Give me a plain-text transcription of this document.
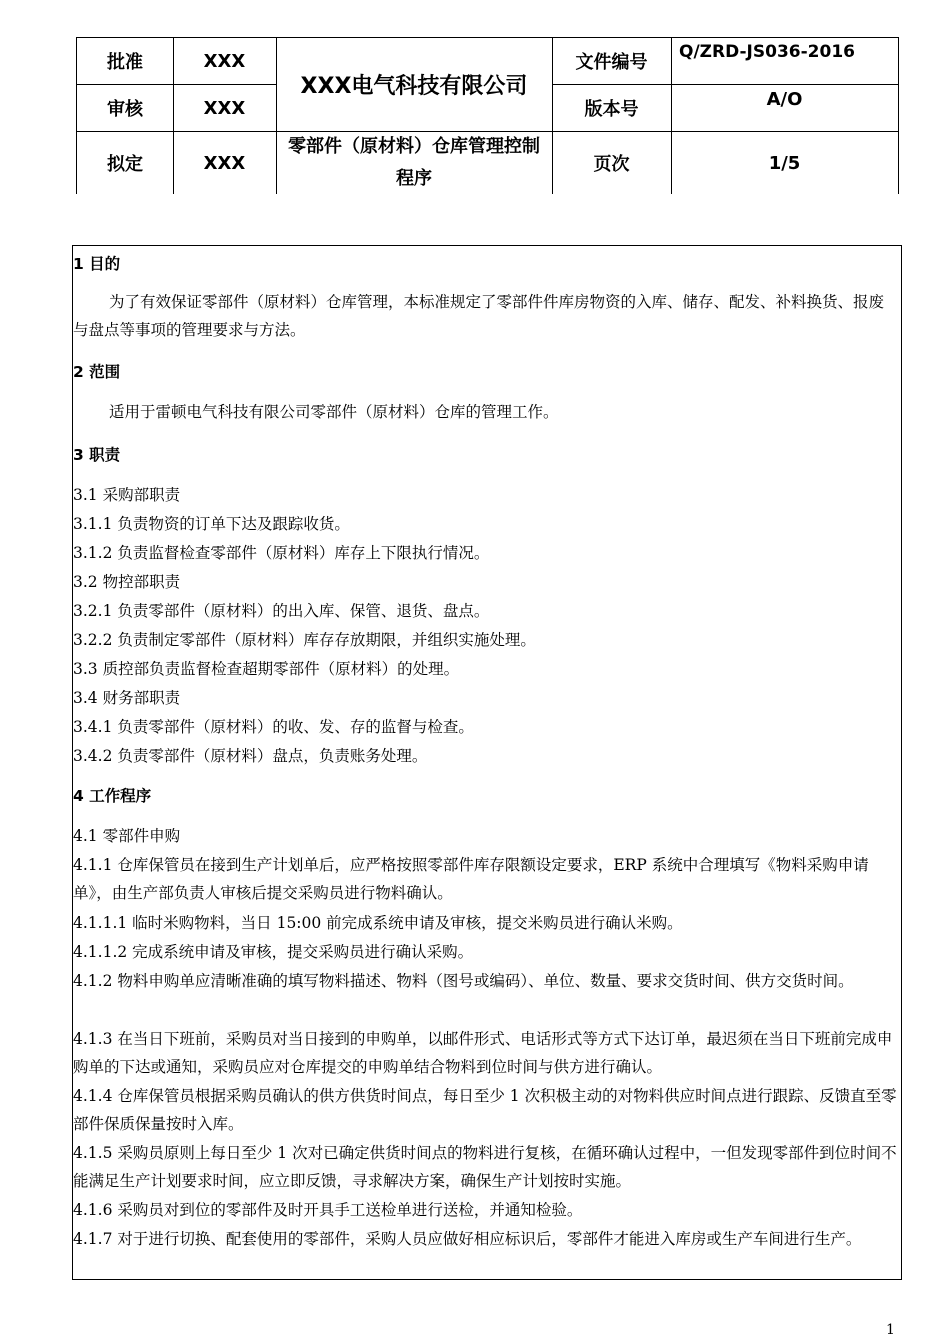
批准	XXX
审核	XXX
拟定	XXX
XXX电气科技有限公司
零部件（原材料）仓库管理控制程序
文件编号	Q/ZRD-JS036-2016
版本号	A/O
页次	1/5
1 目的
为了有效保证零部件（原材料）仓库管理，本标准规定了零部件件库房物资的入库、储存、配发、补料换货、报废与盘点等事项的管理要求与方法。
2 范围
适用于雷顿电气科技有限公司零部件（原材料）仓库的管理工作。
3 职责
3.1 采购部职责
3.1.1 负责物资的订单下达及跟踪收货。
3.1.2 负责监督检查零部件（原材料）库存上下限执行情况。
3.2 物控部职责
3.2.1 负责零部件（原材料）的出入库、保管、退货、盘点。
3.2.2 负责制定零部件（原材料）库存存放期限，并组织实施处理。
3.3 质控部负责监督检查超期零部件（原材料）的处理。
3.4 财务部职责
3.4.1 负责零部件（原材料）的收、发、存的监督与检查。
3.4.2 负责零部件（原材料）盘点，负责账务处理。
4 工作程序
4.1 零部件申购
4.1.1 仓库保管员在接到生产计划单后，应严格按照零部件库存限额设定要求，ERP 系统中合理填写《物料采购申请单》，由生产部负责人审核后提交采购员进行物料确认。
4.1.1.1 临时米购物料，当日 15:00 前完成系统申请及审核，提交米购员进行确认米购。
4.1.1.2 完成系统申请及审核，提交采购员进行确认采购。
4.1.2 物料申购单应清晰准确的填写物料描述、物料（图号或编码）、单位、数量、要求交货时间、供方交货时间。
4.1.3 在当日下班前，采购员对当日接到的申购单，以邮件形式、电话形式等方式下达订单，最迟须在当日下班前完成申购单的下达或通知，采购员应对仓库提交的申购单结合物料到位时间与供方进行确认。
4.1.4 仓库保管员根据采购员确认的供方供货时间点，每日至少 1 次积极主动的对物料供应时间点进行跟踪、反馈直至零部件保质保量按时入库。
4.1.5 采购员原则上每日至少 1 次对已确定供货时间点的物料进行复核，在循环确认过程中，一但发现零部件到位时间不能满足生产计划要求时间，应立即反馈，寻求解决方案，确保生产计划按时实施。
4.1.6 采购员对到位的零部件及时开具手工送检单进行送检，并通知检验。
4.1.7 对于进行切换、配套使用的零部件，采购人员应做好相应标识后，零部件才能进入库房或生产车间进行生产。
1
